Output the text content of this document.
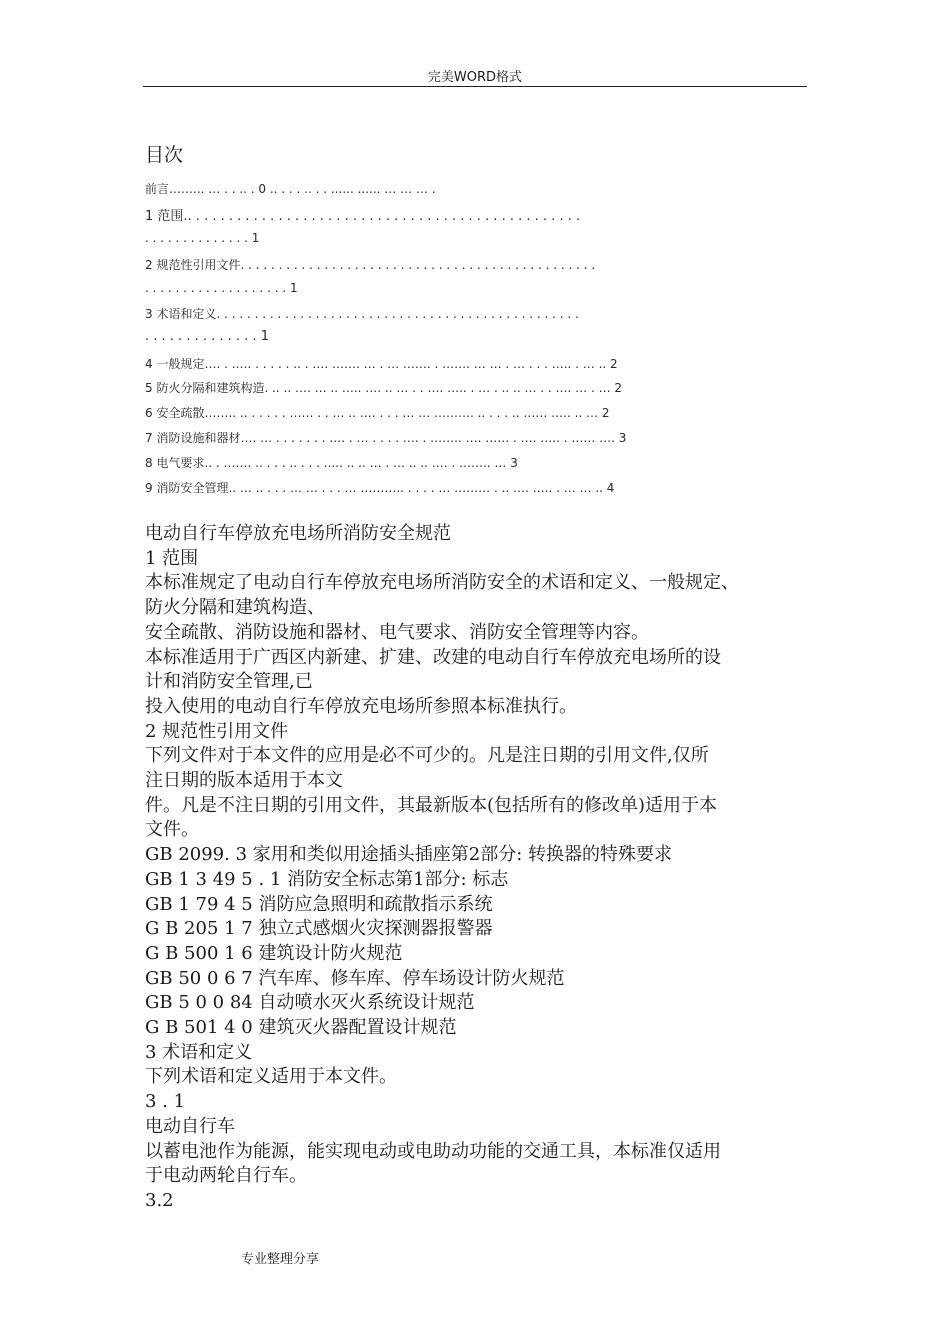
完美WORD格式
目次
前言.…….. … . . .. . 0 .. . . . .. . . ...... ...... … … … .
1 范围.. . . . . . . . . . . . . . . . . . . . . . . . . . . . . . . . . . . . . . . . . . . . . . . .
. . . . . . . . . . . . . . 1
2 规范性引用文件. . . . . . . . . . . . . . . . . . . . . . . . . . . . . . . . . . . . . . . . . . . . . . .
. . . . . . . . . . . . . . . . . . . 1
3 术语和定义. . . . . . . . . . . . . . . . . . . . . . . . . . . . . . . . . . . . . . . . . . . . . . . .
. . . . . . . . . . . . . . 1
4 一般规定…. . .…. . . . . . .. . …. ……. … . … ……. . ……. … … . … . . . ….. . … .. 2
5 防火分隔和建筑构造. .. .. …. … .. ….. …. .. … . . …. ….. . … . .. .. … . . …. … . … 2
6 安全疏散…….. .. . . . . . …… . . … .. …. . . . … … ………. .. . . . .. …… ….. .. … 2
7 消防设施和器材…. … . . . . . . . …. . … . . . . …. . …….. …. …… . …. ….. . …… …. 3
8 电气要求.. . ……. .. . . . .. . . . ..... .. .. … . … .. .. …. . …….. … 3
9 消防安全管理.. … .. . . . … … . . . … ……….. . . . . … ……… . .. …. ….. . … … .. 4

电动自行车停放充电场所消防安全规范

1 范围

本标准规定了电动自行车停放充电场所消防安全的术语和定义、一般规定、

防火分隔和建筑构造、

安全疏散、消防设施和器材、电气要求、消防安全管理等内容。

本标准适用于广西区内新建、扩建、改建的电动自行车停放充电场所的设

计和消防安全管理,已

投入使用的电动自行车停放充电场所参照本标准执行。

2 规范性引用文件

下列文件对于本文件的应用是必不可少的。凡是注日期的引用文件,仅所

注日期的版本适用于本文

件。凡是不注日期的引用文件，其最新版本(包括所有的修改单)适用于本

文件。

GB 2099. 3 家用和类似用途插头插座第2部分: 转换器的特殊要求

GB 1 3 49 5 . 1 消防安全标志第1部分: 标志

GB 1 79 4 5 消防应急照明和疏散指示系统

G B 205 1 7 独立式感烟火灾探测器报警器

G B 500 1 6 建筑设计防火规范

GB 50 0 6 7 汽车库、修车库、停车场设计防火规范

GB 5 0 0 84 自动喷水灭火系统设计规范

G B 501 4 0 建筑灭火器配置设计规范

3 术语和定义

下列术语和定义适用于本文件。

3 . 1

电动自行车

以蓄电池作为能源，能实现电动或电助动功能的交通工具，本标准仅适用

于电动两轮自行车。

3.2

专业整理分享
